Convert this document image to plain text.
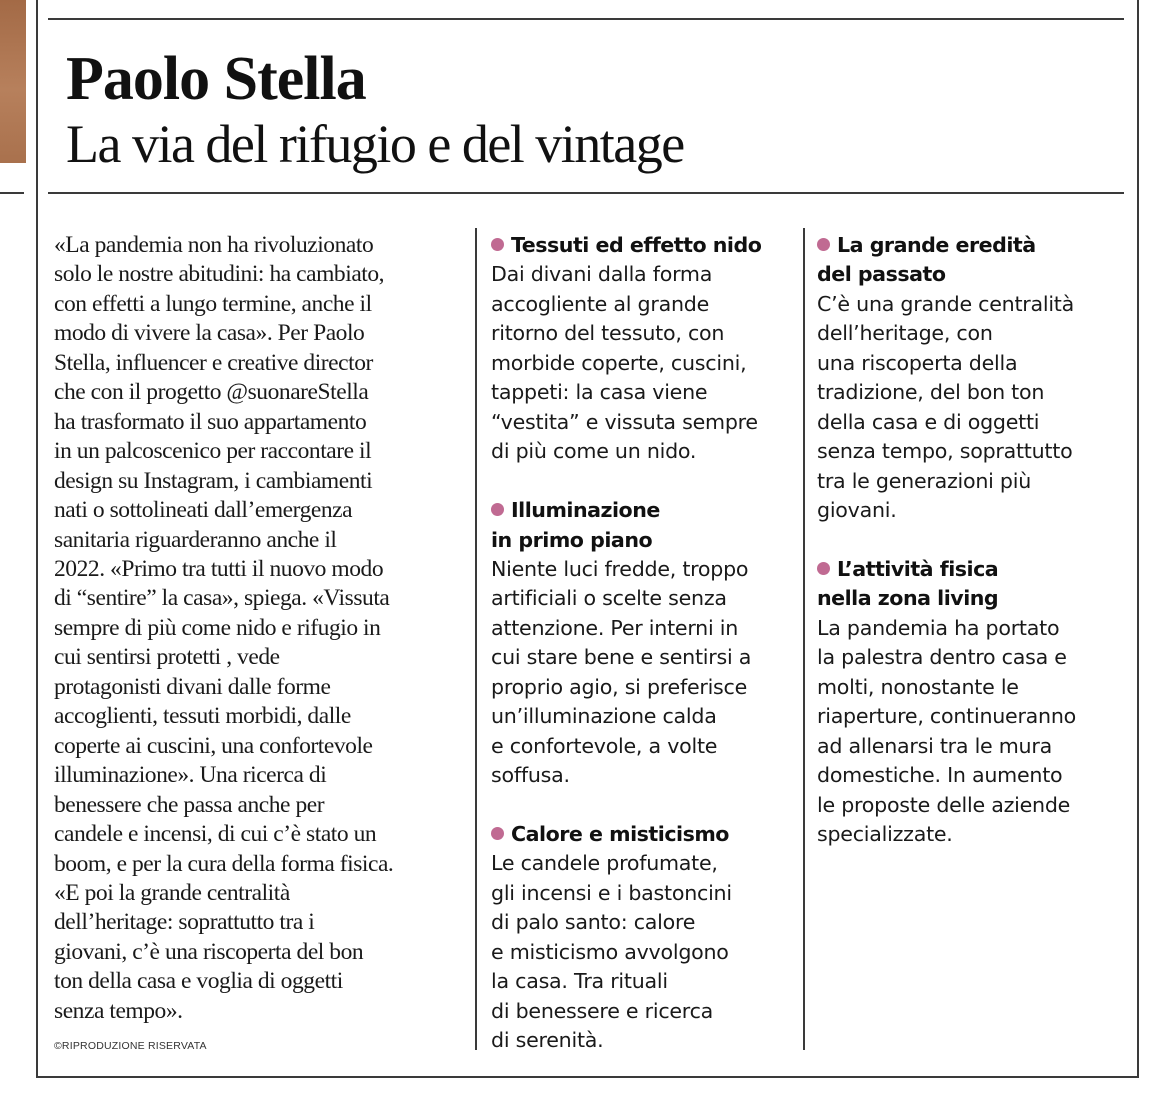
Paolo Stella
La via del rifugio e del vintage
«La pandemia non ha rivoluzionato
solo le nostre abitudini: ha cambiato,
con effetti a lungo termine, anche il
modo di vivere la casa». Per Paolo
Stella, influencer e creative director
che con il progetto @suonareStella
ha trasformato il suo appartamento
in un palcoscenico per raccontare il
design su Instagram, i cambiamenti
nati o sottolineati dall’emergenza
sanitaria riguarderanno anche il
2022. «Primo tra tutti il nuovo modo
di “sentire” la casa», spiega. «Vissuta
sempre di più come nido e rifugio in
cui sentirsi protetti , vede
protagonisti divani dalle forme
accoglienti, tessuti morbidi, dalle
coperte ai cuscini, una confortevole
illuminazione». Una ricerca di
benessere che passa anche per
candele e incensi, di cui c’è stato un
boom, e per la cura della forma fisica.
«E poi la grande centralità
dell’heritage: soprattutto tra i
giovani, c’è una riscoperta del bon
ton della casa e voglia di oggetti
senza tempo».
©RIPRODUZIONE RISERVATA
Tessuti ed effetto nido
Dai divani dalla forma
accogliente al grande
ritorno del tessuto, con
morbide coperte, cuscini,
tappeti: la casa viene
“vestita” e vissuta sempre
di più come un nido.
Illuminazione
in primo piano
Niente luci fredde, troppo
artificiali o scelte senza
attenzione. Per interni in
cui stare bene e sentirsi a
proprio agio, si preferisce
un’illuminazione calda
e confortevole, a volte
soffusa.
Calore e misticismo
Le candele profumate,
gli incensi e i bastoncini
di palo santo: calore
e misticismo avvolgono
la casa. Tra rituali
di benessere e ricerca
di serenità.
La grande eredità
del passato
C’è una grande centralità
dell’heritage, con
una riscoperta della
tradizione, del bon ton
della casa e di oggetti
senza tempo, soprattutto
tra le generazioni più
giovani.
L’attività fisica
nella zona living
La pandemia ha portato
la palestra dentro casa e
molti, nonostante le
riaperture, continueranno
ad allenarsi tra le mura
domestiche. In aumento
le proposte delle aziende
specializzate.
